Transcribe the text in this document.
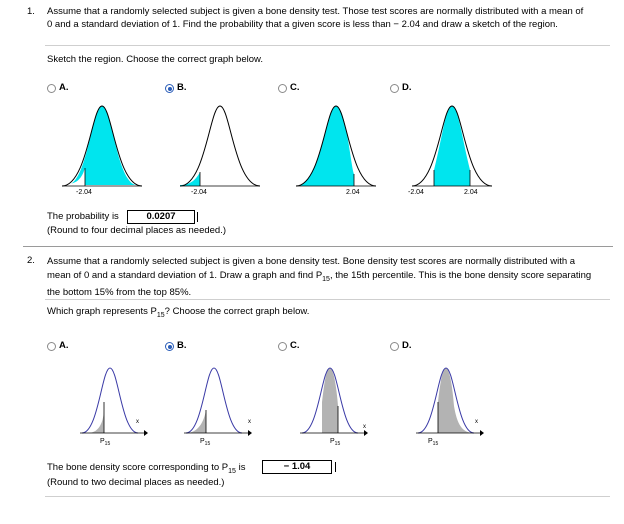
1. Assume that a randomly selected subject is given a bone density test. Those test scores are normally distributed with a mean of 0 and a standard deviation of 1. Find the probability that a given score is less than − 2.04 and draw a sketch of the region.
Sketch the region. Choose the correct graph below.
A.	B.	C.	D.
-2.04	-2.04	2.04	-2.04	2.04
The probability is	0.0207
(Round to four decimal places as needed.)
2. Assume that a randomly selected subject is given a bone density test. Bone density test scores are normally distributed with a mean of 0 and a standard deviation of 1. Draw a graph and find $P_{15}$, the 15th percentile. This is the bone density score separating the bottom 15% from the top 85%.
Which graph represents $P_{15}$? Choose the correct graph below.
A.	B.	C.	D.
x
$P_{15}$
x
$P_{15}$
x
$P_{15}$
x
$P_{15}$
The bone density score corresponding to $P_{15}$ is	− 1.04
(Round to two decimal places as needed.)
